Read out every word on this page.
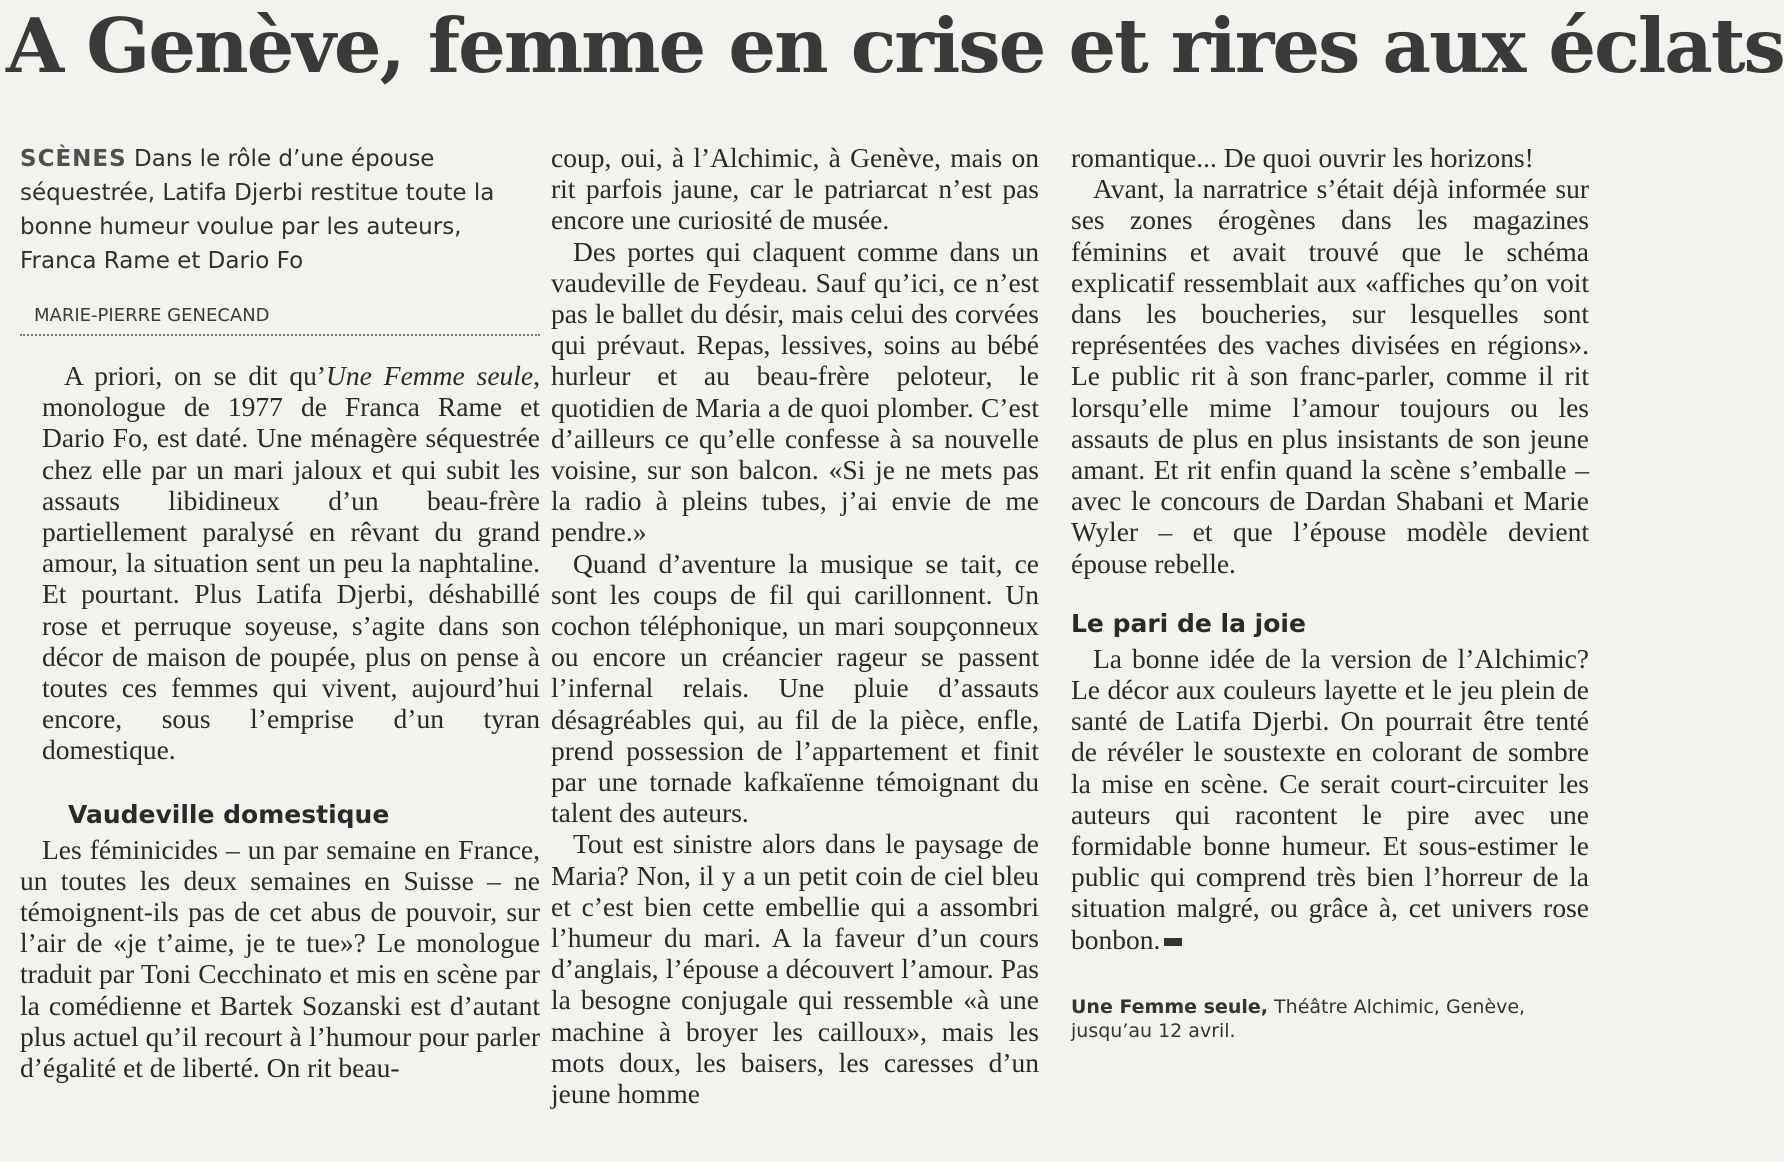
A Genève, femme en crise et rires aux éclats
SCÈNES Dans le rôle d’une épouse séquestrée, Latifa Djerbi restitue toute la bonne humeur voulue par les auteurs, Franca Rame et Dario Fo
MARIE-PIERRE GENECAND

A priori, on se dit qu’Une Femme seule, monologue de 1977 de Franca Rame et Dario Fo, est daté. Une ménagère séquestrée chez elle par un mari jaloux et qui subit les assauts libidineux d’un beau-frère partiellement paralysé en rêvant du grand amour, la situation sent un peu la naphtaline. Et pourtant. Plus Latifa Djerbi, déshabillé rose et perruque soyeuse, s’agite dans son décor de maison de poupée, plus on pense à toutes ces femmes qui vivent, aujourd’hui encore, sous l’emprise d’un tyran domestique.

Vaudeville domestique

Les féminicides – un par semaine en France, un toutes les deux semaines en Suisse – ne témoignent-ils pas de cet abus de pouvoir, sur l’air de «je t’aime, je te tue»? Le monologue traduit par Toni Cecchinato et mis en scène par la comédienne et Bartek Sozanski est d’autant plus actuel qu’il recourt à l’humour pour parler d’égalité et de liberté. On rit beau-

coup, oui, à l’Alchimic, à Genève, mais on rit parfois jaune, car le patriarcat n’est pas encore une curiosité de musée.

Des portes qui claquent comme dans un vaudeville de Feydeau. Sauf qu’ici, ce n’est pas le ballet du désir, mais celui des corvées qui prévaut. Repas, lessives, soins au bébé hurleur et au beau-frère peloteur, le quotidien de Maria a de quoi plomber. C’est d’ailleurs ce qu’elle confesse à sa nouvelle voisine, sur son balcon. «Si je ne mets pas la radio à pleins tubes, j’ai envie de me pendre.»

Quand d’aventure la musique se tait, ce sont les coups de fil qui carillonnent. Un cochon téléphonique, un mari soupçonneux ou encore un créancier rageur se passent l’infernal relais. Une pluie d’assauts désagréables qui, au fil de la pièce, enfle, prend possession de l’appartement et finit par une tornade kafkaïenne témoignant du talent des auteurs.

Tout est sinistre alors dans le paysage de Maria? Non, il y a un petit coin de ciel bleu et c’est bien cette embellie qui a assombri l’humeur du mari. A la faveur d’un cours d’anglais, l’épouse a découvert l’amour. Pas la besogne conjugale qui ressemble «à une machine à broyer les cailloux», mais les mots doux, les baisers, les caresses d’un jeune homme

romantique... De quoi ouvrir les horizons!

Avant, la narratrice s’était déjà informée sur ses zones érogènes dans les magazines féminins et avait trouvé que le schéma explicatif ressemblait aux «affiches qu’on voit dans les boucheries, sur lesquelles sont représentées des vaches divisées en régions». Le public rit à son franc-parler, comme il rit lorsqu’elle mime l’amour toujours ou les assauts de plus en plus insistants de son jeune amant. Et rit enfin quand la scène s’emballe – avec le concours de Dardan Shabani et Marie Wyler – et que l’épouse modèle devient épouse rebelle.

Le pari de la joie

La bonne idée de la version de l’Alchimic? Le décor aux couleurs layette et le jeu plein de santé de Latifa Djerbi. On pourrait être tenté de révéler le soustexte en colorant de sombre la mise en scène. Ce serait court-circuiter les auteurs qui racontent le pire avec une formidable bonne humeur. Et sous-estimer le public qui comprend très bien l’horreur de la situation malgré, ou grâce à, cet univers rose bonbon.

Une Femme seule, Théâtre Alchimic, Genève, jusqu’au 12 avril.
